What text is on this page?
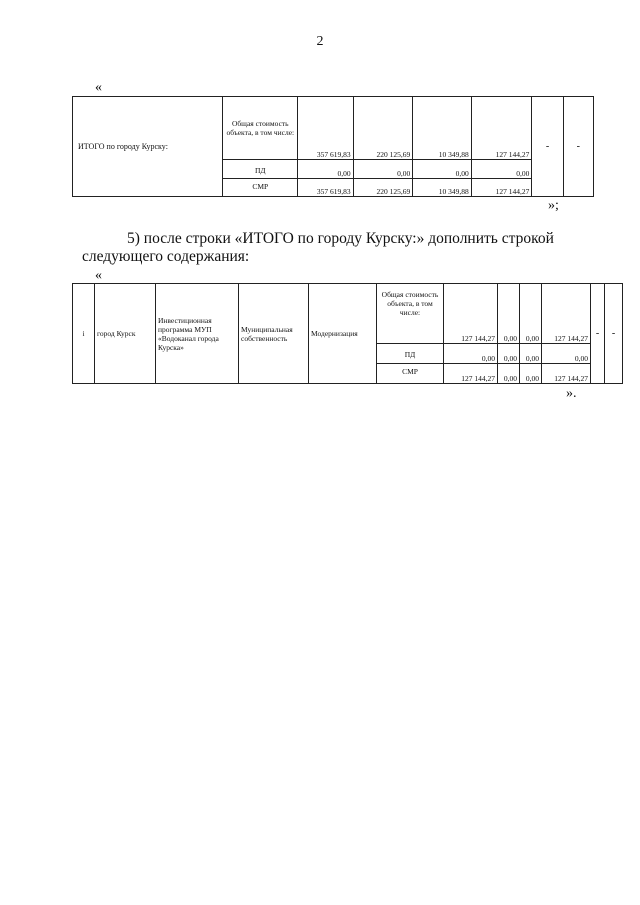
2
«
ИТОГО по городу Курску:	Общая стоимость объекта, в том числе:	357 619,83	220 125,69	10 349,88	127 144,27	-	-
	ПД	0,00	0,00	0,00	0,00		
	СМР	357 619,83	220 125,69	10 349,88	127 144,27		
»;
5) после строки «ИТОГО по городу Курску:» дополнить строкой
следующего содержания:
«
i	город Курск	Инвестиционная программа МУП «Водоканал города Курска»	Муниципальная собственность	Модернизация	Общая стоимость объекта, в том числе:	127 144,27	0,00	0,00	127 144,27	-	-
					ПД	0,00	0,00	0,00	0,00		
					СМР	127 144,27	0,00	0,00	127 144,27		
».
